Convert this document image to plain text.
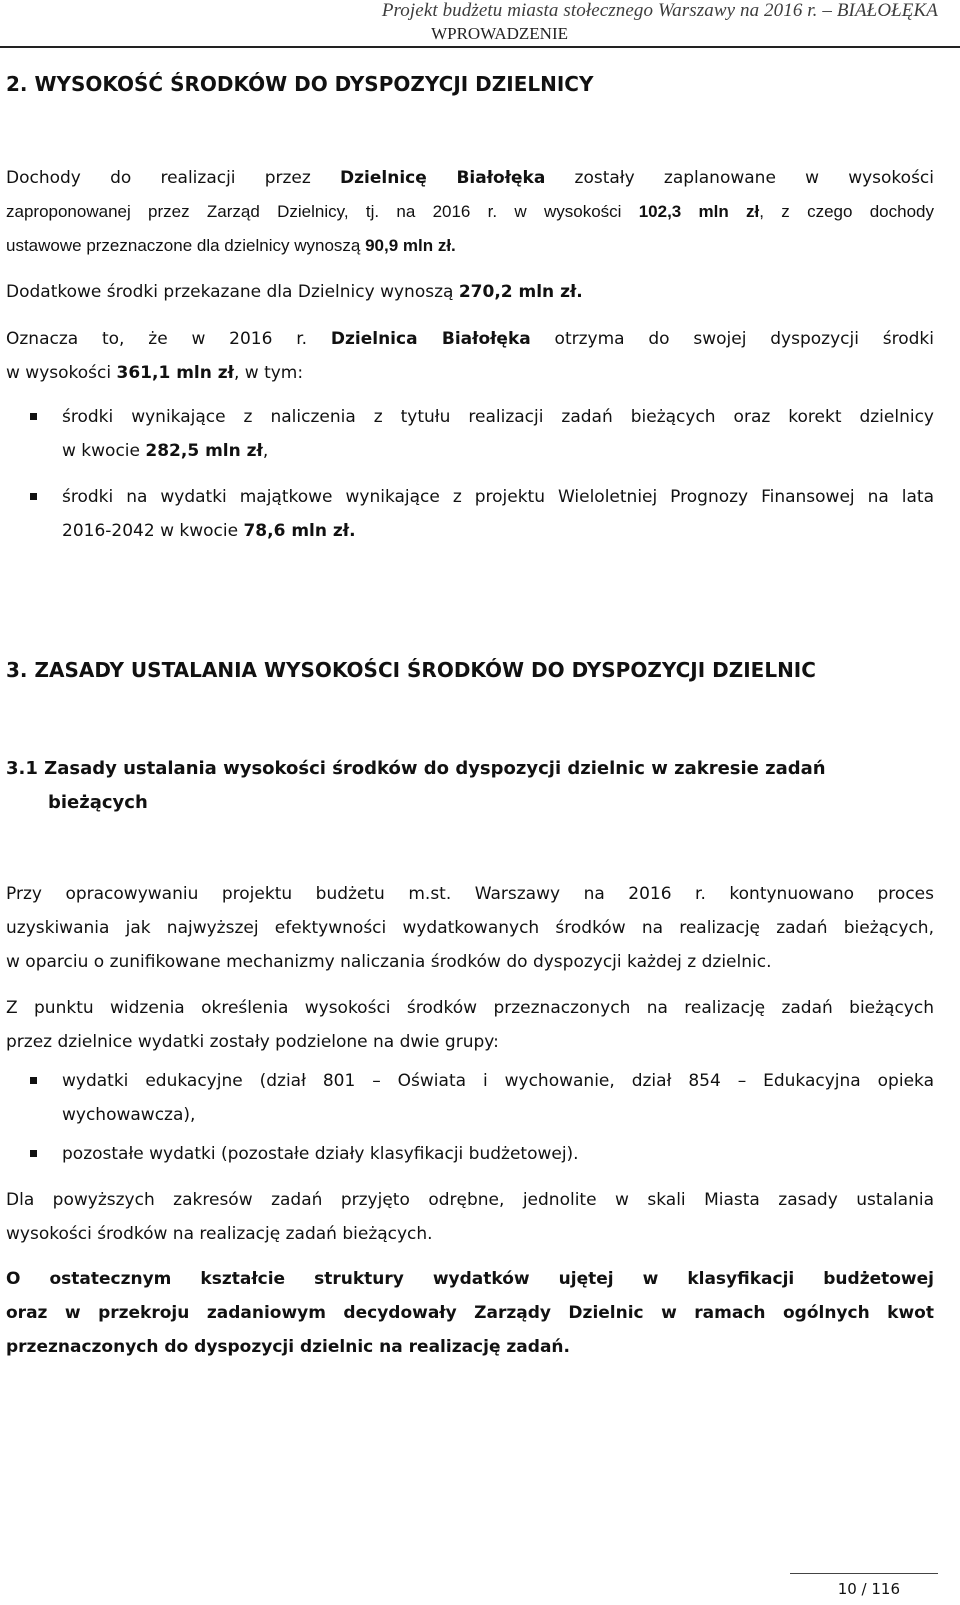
Projekt budżetu miasta stołecznego Warszawy na 2016 r. – BIAŁOŁĘKA
WPROWADZENIE
2. WYSOKOŚĆ ŚRODKÓW DO DYSPOZYCJI DZIELNICY
Dochody do realizacji przez Dzielnicę Białołęka zostały zaplanowane w wysokości
zaproponowanej przez Zarząd Dzielnicy, tj. na 2016 r. w wysokości 102,3 mln zł, z czego dochody
ustawowe przeznaczone dla dzielnicy wynoszą 90,9 mln zł.
Dodatkowe środki przekazane dla Dzielnicy wynoszą 270,2 mln zł.
Oznacza to, że w 2016 r. Dzielnica Białołęka otrzyma do swojej dyspozycji środki
w wysokości 361,1 mln zł, w tym:
środki wynikające z naliczenia z tytułu realizacji zadań bieżących oraz korekt dzielnicy
w kwocie 282,5 mln zł,
środki na wydatki majątkowe wynikające z projektu Wieloletniej Prognozy Finansowej na lata
2016-2042 w kwocie 78,6 mln zł.
3. ZASADY USTALANIA WYSOKOŚCI ŚRODKÓW DO DYSPOZYCJI DZIELNIC
3.1 Zasady ustalania wysokości środków do dyspozycji dzielnic w zakresie zadań
bieżących
Przy opracowywaniu projektu budżetu m.st. Warszawy na 2016 r. kontynuowano proces
uzyskiwania jak najwyższej efektywności wydatkowanych środków na realizację zadań bieżących,
w oparciu o zunifikowane mechanizmy naliczania środków do dyspozycji każdej z dzielnic.
Z punktu widzenia określenia wysokości środków przeznaczonych na realizację zadań bieżących
przez dzielnice wydatki zostały podzielone na dwie grupy:
wydatki edukacyjne (dział 801 – Oświata i wychowanie, dział 854 – Edukacyjna opieka
wychowawcza),
pozostałe wydatki (pozostałe działy klasyfikacji budżetowej).
Dla powyższych zakresów zadań przyjęto odrębne, jednolite w skali Miasta zasady ustalania
wysokości środków na realizację zadań bieżących.
O ostatecznym kształcie struktury wydatków ujętej w klasyfikacji budżetowej
oraz w przekroju zadaniowym decydowały Zarządy Dzielnic w ramach ogólnych kwot
przeznaczonych do dyspozycji dzielnic na realizację zadań.
10 / 116
